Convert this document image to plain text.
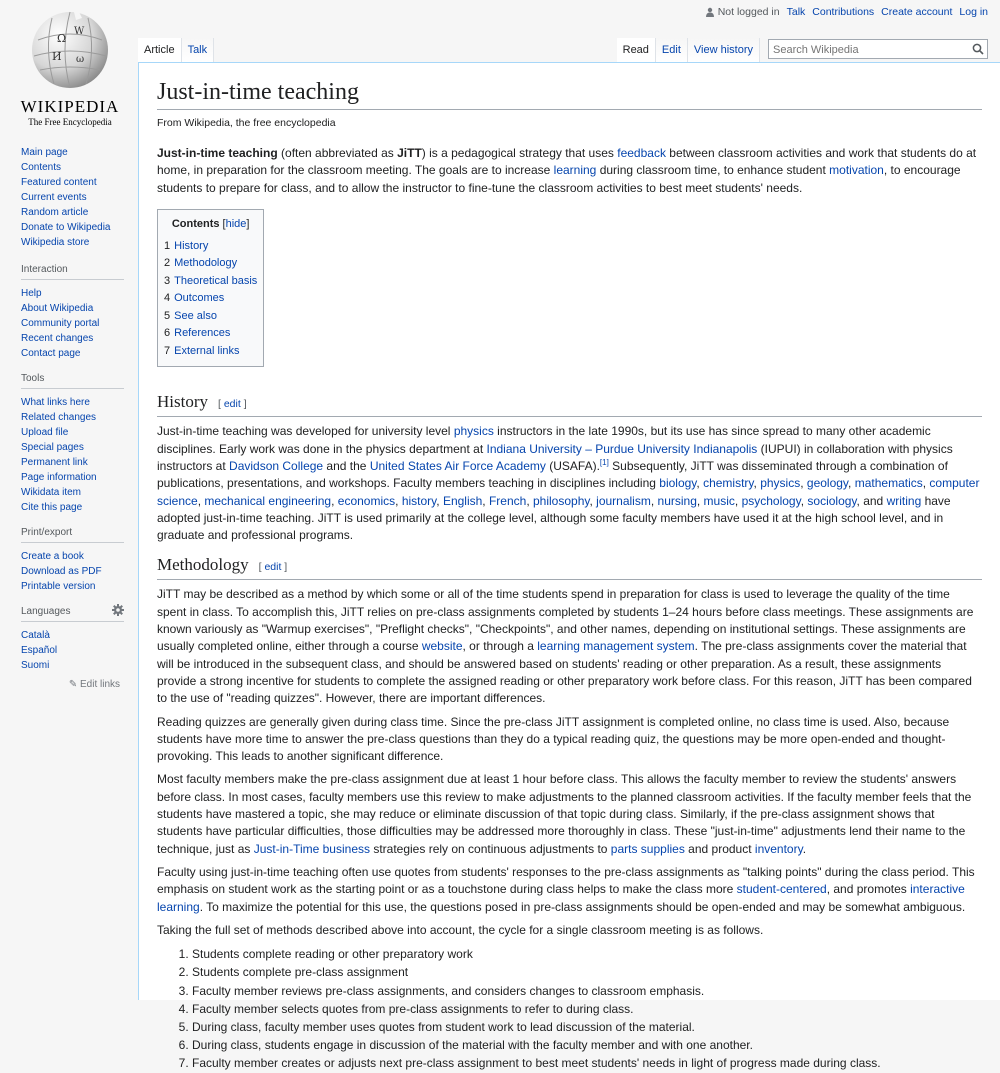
Not logged in Talk Contributions Create account Log in
Ω
W
И ω
WIKIPEDIA
The Free Encyclopedia
Main page
Contents
Featured content
Current events
Random article
Donate to Wikipedia
Wikipedia store
Interaction
Help
About Wikipedia
Community portal
Recent changes
Contact page
Tools
What links here
Related changes
Upload file
Special pages
Permanent link
Page information
Wikidata item
Cite this page
Print/export
Create a book
Download as PDF
Printable version
Languages
Català
Español
Suomi
✎ Edit links
Article	Talk	Read	Edit	View history
Search Wikipedia
Just-in-time teaching
From Wikipedia, the free encyclopedia

Just-in-time teaching (often abbreviated as JiTT) is a pedagogical strategy that uses feedback between classroom activities and work that students do at home, in preparation for the classroom meeting. The goals are to increase learning during classroom time, to enhance student motivation, to encourage students to prepare for class, and to allow the instructor to fine-tune the classroom activities to best meet students' needs.

Contents [hide]
1 History
2 Methodology
3 Theoretical basis
4 Outcomes
5 See also
6 References
7 External links
History [ edit ]

Just-in-time teaching was developed for university level physics instructors in the late 1990s, but its use has since spread to many other academic disciplines. Early work was done in the physics department at Indiana University – Purdue University Indianapolis (IUPUI) in collaboration with physics instructors at Davidson College and the United States Air Force Academy (USAFA).[1] Subsequently, JiTT was disseminated through a combination of publications, presentations, and workshops. Faculty members teaching in disciplines including biology, chemistry, physics, geology, mathematics, computer science, mechanical engineering, economics, history, English, French, philosophy, journalism, nursing, music, psychology, sociology, and writing have adopted just-in-time teaching. JiTT is used primarily at the college level, although some faculty members have used it at the high school level, and in graduate and professional programs.

Methodology [ edit ]

JiTT may be described as a method by which some or all of the time students spend in preparation for class is used to leverage the quality of the time spent in class. To accomplish this, JiTT relies on pre-class assignments completed by students 1–24 hours before class meetings. These assignments are known variously as "Warmup exercises", "Preflight checks", "Checkpoints", and other names, depending on institutional settings. These assignments are usually completed online, either through a course website, or through a learning management system. The pre-class assignments cover the material that will be introduced in the subsequent class, and should be answered based on students' reading or other preparation. As a result, these assignments provide a strong incentive for students to complete the assigned reading or other preparatory work before class. For this reason, JiTT has been compared to the use of "reading quizzes". However, there are important differences.

Reading quizzes are generally given during class time. Since the pre-class JiTT assignment is completed online, no class time is used. Also, because students have more time to answer the pre-class questions than they do a typical reading quiz, the questions may be more open-ended and thought-provoking. This leads to another significant difference.

Most faculty members make the pre-class assignment due at least 1 hour before class. This allows the faculty member to review the students' answers before class. In most cases, faculty members use this review to make adjustments to the planned classroom activities. If the faculty member feels that the students have mastered a topic, she may reduce or eliminate discussion of that topic during class. Similarly, if the pre-class assignment shows that students have particular difficulties, those difficulties may be addressed more thoroughly in class. These "just-in-time" adjustments lend their name to the technique, just as Just-in-Time business strategies rely on continuous adjustments to parts supplies and product inventory.

Faculty using just-in-time teaching often use quotes from students' responses to the pre-class assignments as "talking points" during the class period. This emphasis on student work as the starting point or as a touchstone during class helps to make the class more student-centered, and promotes interactive learning. To maximize the potential for this use, the questions posed in pre-class assignments should be open-ended and may be somewhat ambiguous.

Taking the full set of methods described above into account, the cycle for a single classroom meeting is as follows.

1. Students complete reading or other preparatory work
2. Students complete pre-class assignment
3. Faculty member reviews pre-class assignments, and considers changes to classroom emphasis.
4. Faculty member selects quotes from pre-class assignments to refer to during class.
5. During class, faculty member uses quotes from student work to lead discussion of the material.
6. During class, students engage in discussion of the material with the faculty member and with one another.
7. Faculty member creates or adjusts next pre-class assignment to best meet students' needs in light of progress made during class.
